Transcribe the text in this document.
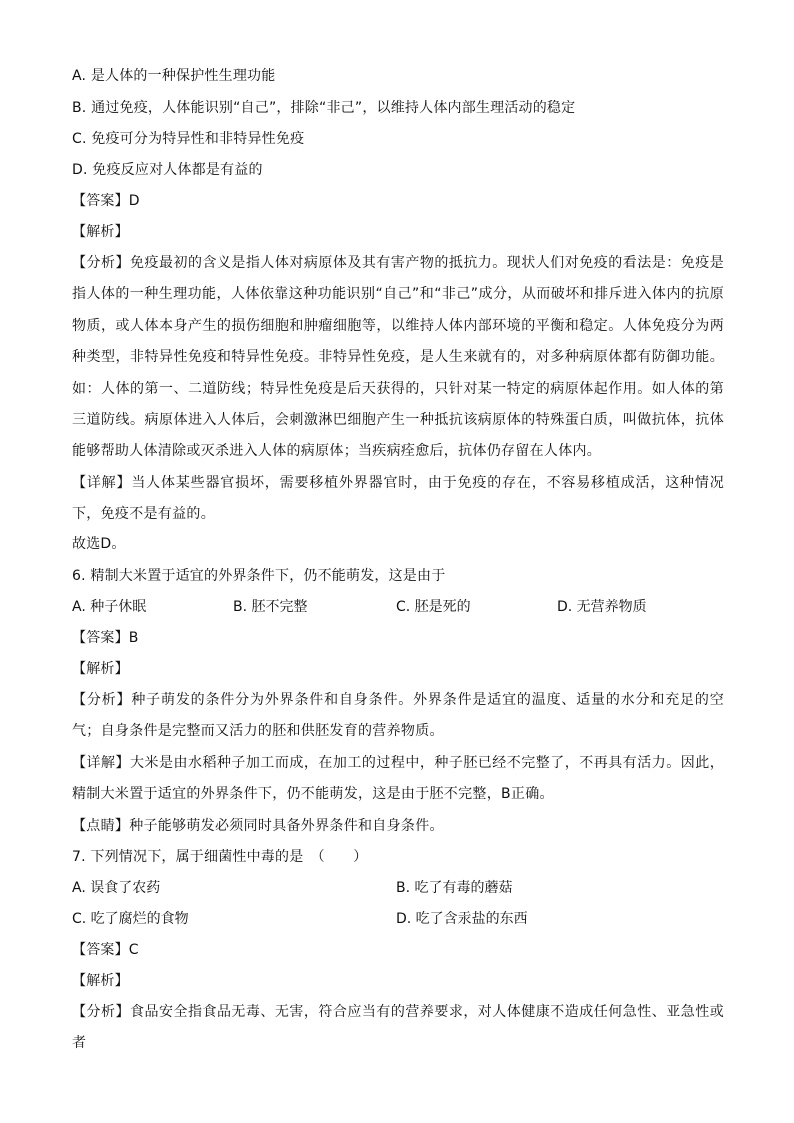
A. 是人体的一种保护性生理功能
B. 通过免疫，人体能识别“自己”，排除“非己”，以维持人体内部生理活动的稳定
C. 免疫可分为特异性和非特异性免疫
D. 免疫反应对人体都是有益的
【答案】D
【解析】
【分析】免疫最初的含义是指人体对病原体及其有害产物的抵抗力。现状人们对免疫的看法是：免疫是指人体的一种生理功能，人体依靠这种功能识别“自己”和“非己”成分，从而破坏和排斥进入体内的抗原物质，或人体本身产生的损伤细胞和肿瘤细胞等，以维持人体内部环境的平衡和稳定。人体免疫分为两种类型，非特异性免疫和特异性免疫。非特异性免疫，是人生来就有的，对多种病原体都有防御功能。如：人体的第一、二道防线；特异性免疫是后天获得的，只针对某一特定的病原体起作用。如人体的第三道防线。病原体进入人体后，会刺激淋巴细胞产生一种抵抗该病原体的特殊蛋白质，叫做抗体，抗体能够帮助人体清除或灭杀进入人体的病原体；当疾病痊愈后，抗体仍存留在人体内。
【详解】当人体某些器官损坏，需要移植外界器官时，由于免疫的存在，不容易移植成活，这种情况下，免疫不是有益的。
故选D。
6. 精制大米置于适宜的外界条件下，仍不能萌发，这是由于
A. 种子休眠	B. 胚不完整	C. 胚是死的	D. 无营养物质
【答案】B
【解析】
【分析】种子萌发的条件分为外界条件和自身条件。外界条件是适宜的温度、适量的水分和充足的空气；自身条件是完整而又活力的胚和供胚发育的营养物质。
【详解】大米是由水稻种子加工而成，在加工的过程中，种子胚已经不完整了，不再具有活力。因此，精制大米置于适宜的外界条件下，仍不能萌发，这是由于胚不完整，B正确。
【点睛】种子能够萌发必须同时具备外界条件和自身条件。
7. 下列情况下，属于细菌性中毒的是　（　　）
A. 误食了农药	B. 吃了有毒的蘑菇
C. 吃了腐烂的食物	D. 吃了含汞盐的东西
【答案】C
【解析】
【分析】食品安全指食品无毒、无害，符合应当有的营养要求，对人体健康不造成任何急性、亚急性或者
